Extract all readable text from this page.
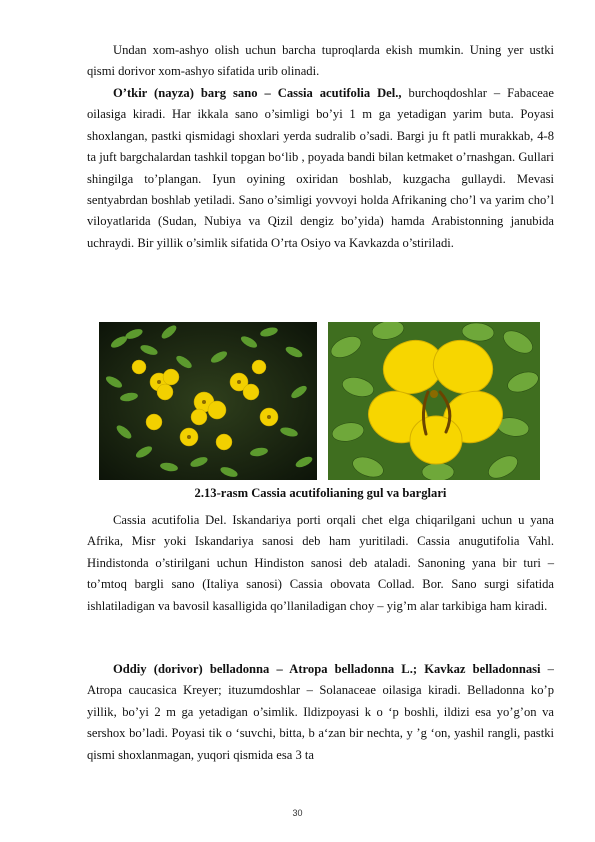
Undan xom-ashyo olish uchun barcha tuproqlarda ekish mumkin. Uning yer ustki qismi dorivor xom-ashyo sifatida urib olinadi.

O’tkir (nayza) barg sano – Cassia acutifolia Del., burchoqdoshlar – Fabaceae oilasiga kiradi. Har ikkala sano o’simligi bo’yi 1 m ga yetadigan yarim buta. Poyasi shoxlangan, pastki qismidagi shoxlari yerda sudralib o’sadi. Bargi ju ft patli murakkab, 4-8 ta juft bargchalardan tashkil topgan bo‘lib , poyada bandi bilan ketmaket o’rnashgan. Gullari shingilga to’plangan. Iyun oyining oxiridan boshlab, kuzgacha gullaydi. Mevasi sentyabrdan boshlab yetiladi. Sano o’simligi yovvoyi holda Afrikaning cho’l va yarim cho’l viloyatlarida (Sudan, Nubiya va Qizil dengiz bo’yida) hamda Arabistonning janubida uchraydi. Bir yillik o’simlik sifatida O’rta Osiyo va Kavkazda o’stiriladi.

2.13-rasm Cassia acutifolianing gul va barglari

Cassia acutifolia Del. Iskandariya porti orqali chet elga chiqarilgani uchun u yana Afrika, Misr yoki Iskandariya sanosi deb ham yuritiladi. Cassia anugutifolia Vahl. Hindistonda o’stirilgani uchun Hindiston sanosi deb ataladi. Sanoning yana bir turi – to’mtoq bargli sano (Italiya sanosi) Cassia obovata Collad. Bor. Sano surgi sifatida ishlatiladigan va bavosil kasalligida qo’llaniladigan choy – yig’m alar tarkibiga ham kiradi.

Oddiy (dorivor) belladonna – Atropa belladonna L.; Kavkaz belladonnasi – Atropa caucasica Kreyer; ituzumdoshlar – Solanaceae oilasiga kiradi. Belladonna ko’p yillik, bo’yi 2 m ga yetadigan o’simlik. Ildizpoyasi k o ‘p boshli, ildizi esa yo’g’on va sershox bo’ladi. Poyasi tik o ‘suvchi, bitta, b a‘zan bir nechta, y ’g ‘on, yashil rangli, pastki qismi shoxlanmagan, yuqori qismida esa 3 ta

30
